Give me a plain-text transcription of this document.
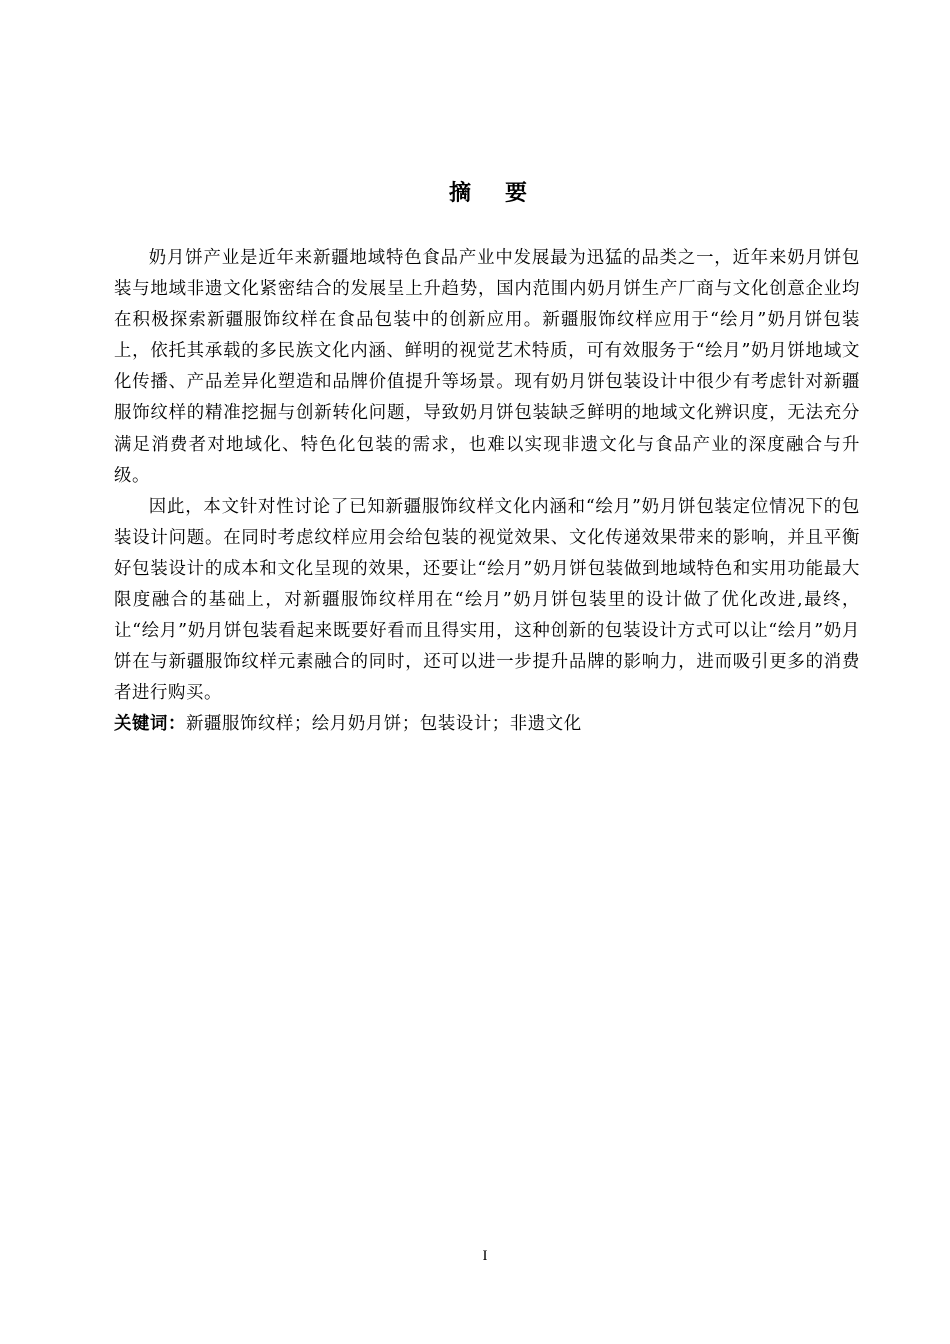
摘要

奶月饼产业是近年来新疆地域特色食品产业中发展最为迅猛的品类之一，近年来奶月饼包装与地域非遗文化紧密结合的发展呈上升趋势，国内范围内奶月饼生产厂商与文化创意企业均在积极探索新疆服饰纹样在食品包装中的创新应用。新疆服饰纹样应用于“绘月”奶月饼包装上，依托其承载的多民族文化内涵、鲜明的视觉艺术特质，可有效服务于“绘月”奶月饼地域文化传播、产品差异化塑造和品牌价值提升等场景。现有奶月饼包装设计中很少有考虑针对新疆服饰纹样的精准挖掘与创新转化问题，导致奶月饼包装缺乏鲜明的地域文化辨识度，无法充分满足消费者对地域化、特色化包装的需求，也难以实现非遗文化与食品产业的深度融合与升级。

因此，本文针对性讨论了已知新疆服饰纹样文化内涵和“绘月”奶月饼包装定位情况下的包装设计问题。在同时考虑纹样应用会给包装的视觉效果、文化传递效果带来的影响，并且平衡好包装设计的成本和文化呈现的效果，还要让“绘月”奶月饼包装做到地域特色和实用功能最大限度融合的基础上，对新疆服饰纹样用在“绘月”奶月饼包装里的设计做了优化改进,最终，让“绘月”奶月饼包装看起来既要好看而且得实用，这种创新的包装设计方式可以让“绘月”奶月饼在与新疆服饰纹样元素融合的同时，还可以进一步提升品牌的影响力，进而吸引更多的消费者进行购买。

关键词：新疆服饰纹样；绘月奶月饼；包装设计；非遗文化

I
